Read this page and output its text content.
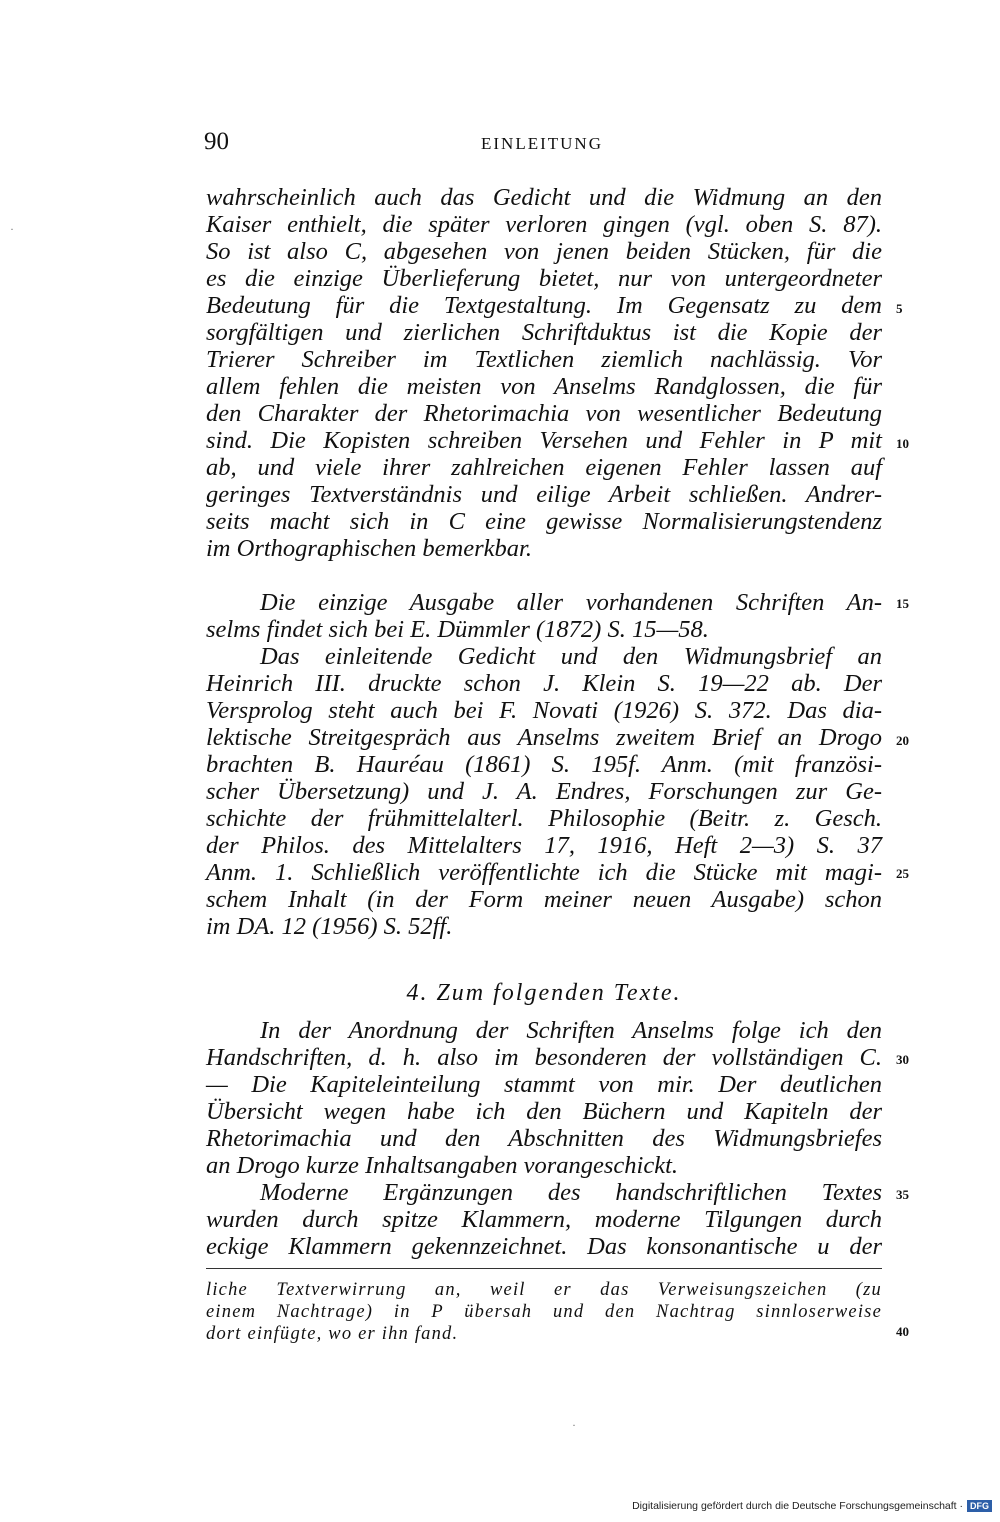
90	EINLEITUNG
·
wahrscheinlich auch das Gedicht und die Widmung an den
Kaiser enthielt, die später verloren gingen (vgl. oben S. 87).
So ist also C, abgesehen von jenen beiden Stücken, für die
es die einzige Überlieferung bietet, nur von untergeordneter
Bedeutung für die Textgestaltung. Im Gegensatz zu dem
sorgfältigen und zierlichen Schriftduktus ist die Kopie der
Trierer Schreiber im Textlichen ziemlich nachlässig. Vor
allem fehlen die meisten von Anselms Randglossen, die für
den Charakter der Rhetorimachia von wesentlicher Bedeutung
sind. Die Kopisten schreiben Versehen und Fehler in P mit
ab, und viele ihrer zahlreichen eigenen Fehler lassen auf
geringes Textverständnis und eilige Arbeit schließen. Andrer-
seits macht sich in C eine gewisse Normalisierungstendenz
im Orthographischen bemerkbar.
Die einzige Ausgabe aller vorhandenen Schriften An-
selms findet sich bei E. Dümmler (1872) S. 15—58.
Das einleitende Gedicht und den Widmungsbrief an
Heinrich III. druckte schon J. Klein S. 19—22 ab. Der
Versprolog steht auch bei F. Novati (1926) S. 372. Das dia-
lektische Streitgespräch aus Anselms zweitem Brief an Drogo
brachten B. Hauréau (1861) S. 195f. Anm. (mit französi-
scher Übersetzung) und J. A. Endres, Forschungen zur Ge-
schichte der frühmittelalterl. Philosophie (Beitr. z. Gesch.
der Philos. des Mittelalters 17, 1916, Heft 2—3) S. 37
Anm. 1. Schließlich veröffentlichte ich die Stücke mit magi-
schem Inhalt (in der Form meiner neuen Ausgabe) schon
im DA. 12 (1956) S. 52ff.
4. Zum folgenden Texte.
In der Anordnung der Schriften Anselms folge ich den
Handschriften, d. h. also im besonderen der vollständigen C.
— Die Kapiteleinteilung stammt von mir. Der deutlichen
Übersicht wegen habe ich den Büchern und Kapiteln der
Rhetorimachia und den Abschnitten des Widmungsbriefes
an Drogo kurze Inhaltsangaben vorangeschickt.
Moderne Ergänzungen des handschriftlichen Textes
wurden durch spitze Klammern, moderne Tilgungen durch
eckige Klammern gekennzeichnet. Das konsonantische u der
liche Textverwirrung an, weil er das Verweisungszeichen (zu
einem Nachtrage) in P übersah und den Nachtrag sinnloserweise
dort einfügte, wo er ihn fand.
5
10
15
20
25
30
35
40
·
Digitalisierung gefördert durch die Deutsche Forschungsgemeinschaft · DFG
